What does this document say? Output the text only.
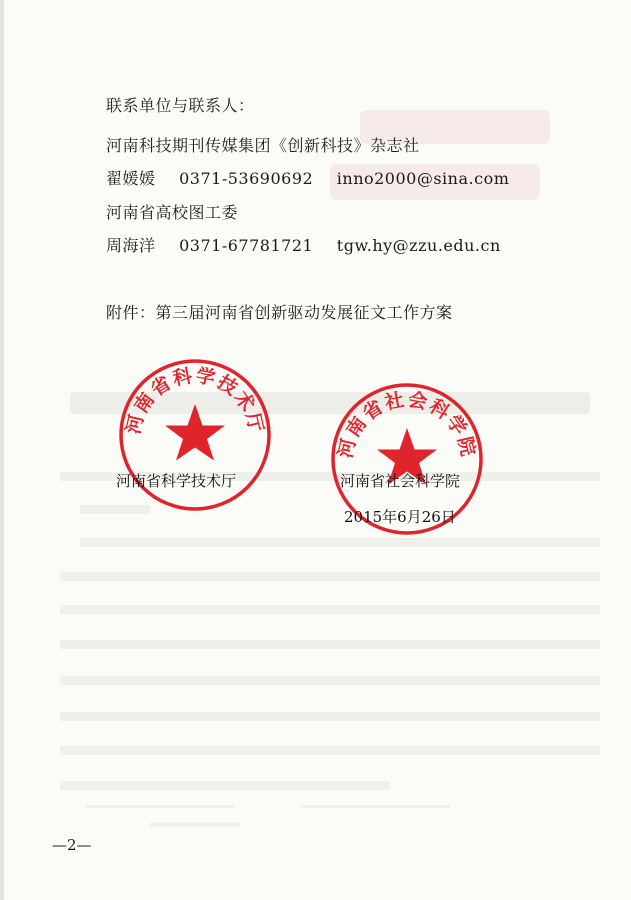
联系单位与联系人：
河南科技期刊传媒集团《创新科技》杂志社
翟媛媛 0371-53690692 inno2000@sina.com
河南省高校图工委
周海洋 0371-67781721 tgw.hy@zzu.edu.cn
附件：第三届河南省创新驱动发展征文工作方案
河南省科学技术厅
河南省科学技术厅
河南省社会科学院
河南省社会科学院
2015年6月26日
—2—
